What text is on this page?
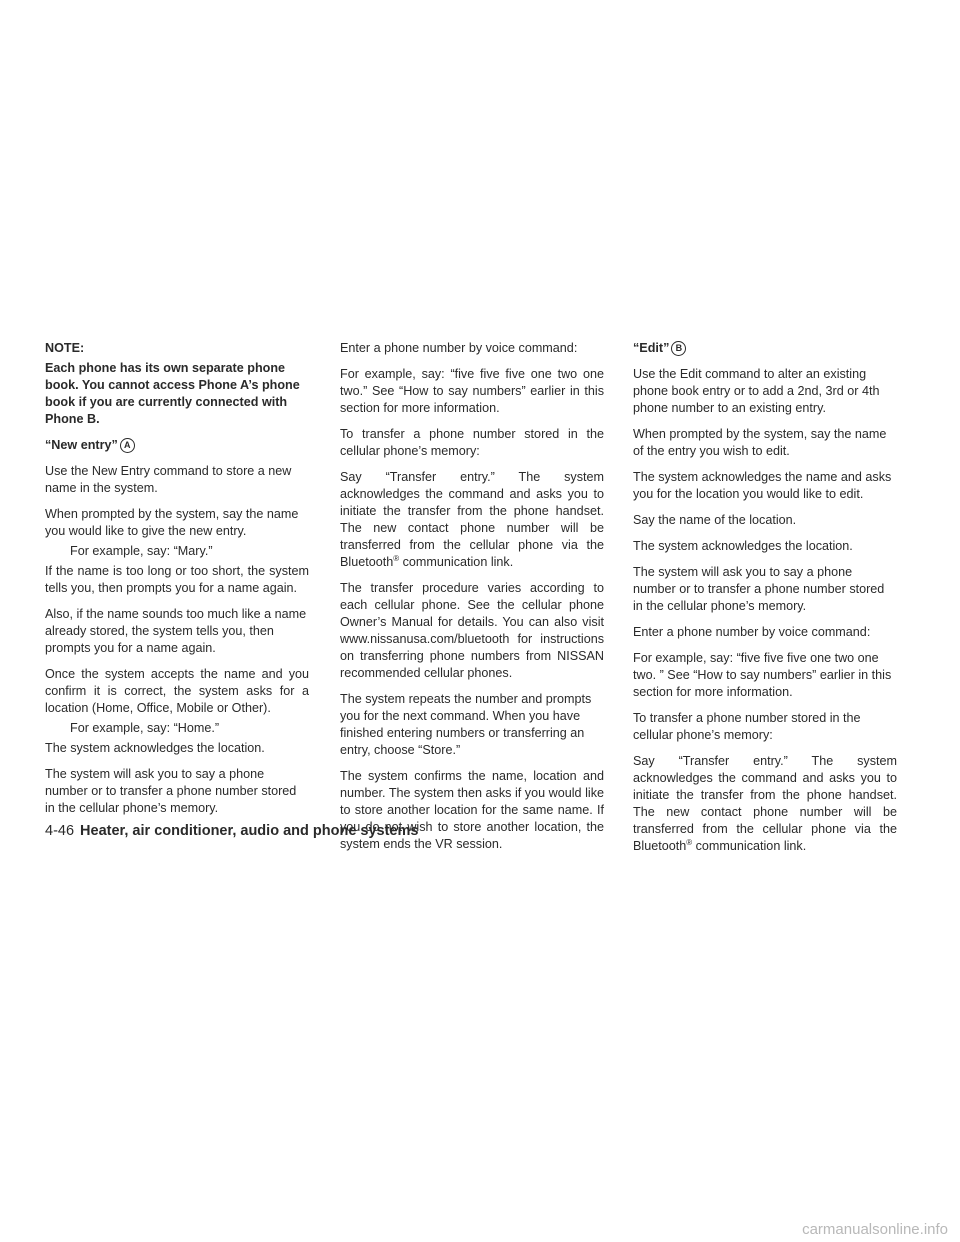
NOTE:

Each phone has its own separate phone book. You cannot access Phone A’s phone book if you are currently connected with Phone B.

“New entry” A

Use the New Entry command to store a new name in the system.

When prompted by the system, say the name you would like to give the new entry.

For example, say: “Mary.”

If the name is too long or too short, the system tells you, then prompts you for a name again.

Also, if the name sounds too much like a name already stored, the system tells you, then prompts you for a name again.

Once the system accepts the name and you confirm it is correct, the system asks for a location (Home, Office, Mobile or Other).

For example, say: “Home.”

The system acknowledges the location.

The system will ask you to say a phone number or to transfer a phone number stored in the cellular phone’s memory.

Enter a phone number by voice command:

For example, say: “five five five one two one two.” See “How to say numbers” earlier in this section for more information.

To transfer a phone number stored in the cellular phone’s memory:

Say “Transfer entry.” The system acknowledges the command and asks you to initiate the transfer from the phone handset. The new contact phone number will be transferred from the cellular phone via the Bluetooth® communication link.

The transfer procedure varies according to each cellular phone. See the cellular phone Owner’s Manual for details. You can also visit www.nissanusa.com/bluetooth for instructions on transferring phone numbers from NISSAN recommended cellular phones.

The system repeats the number and prompts you for the next command. When you have finished entering numbers or transferring an entry, choose “Store.”

The system confirms the name, location and number. The system then asks if you would like to store another location for the same name. If you do not wish to store another location, the system ends the VR session.

“Edit” B

Use the Edit command to alter an existing phone book entry or to add a 2nd, 3rd or 4th phone number to an existing entry.

When prompted by the system, say the name of the entry you wish to edit.

The system acknowledges the name and asks you for the location you would like to edit.

Say the name of the location.

The system acknowledges the location.

The system will ask you to say a phone number or to transfer a phone number stored in the cellular phone’s memory.

Enter a phone number by voice command:

For example, say: “five five five one two one two. ” See “How to say numbers” earlier in this section for more information.

To transfer a phone number stored in the cellular phone’s memory:

Say “Transfer entry.” The system acknowledges the command and asks you to initiate the transfer from the phone handset. The new contact phone number will be transferred from the cellular phone via the Bluetooth® communication link.

4-46 Heater, air conditioner, audio and phone systems
carmanualsonline.info
